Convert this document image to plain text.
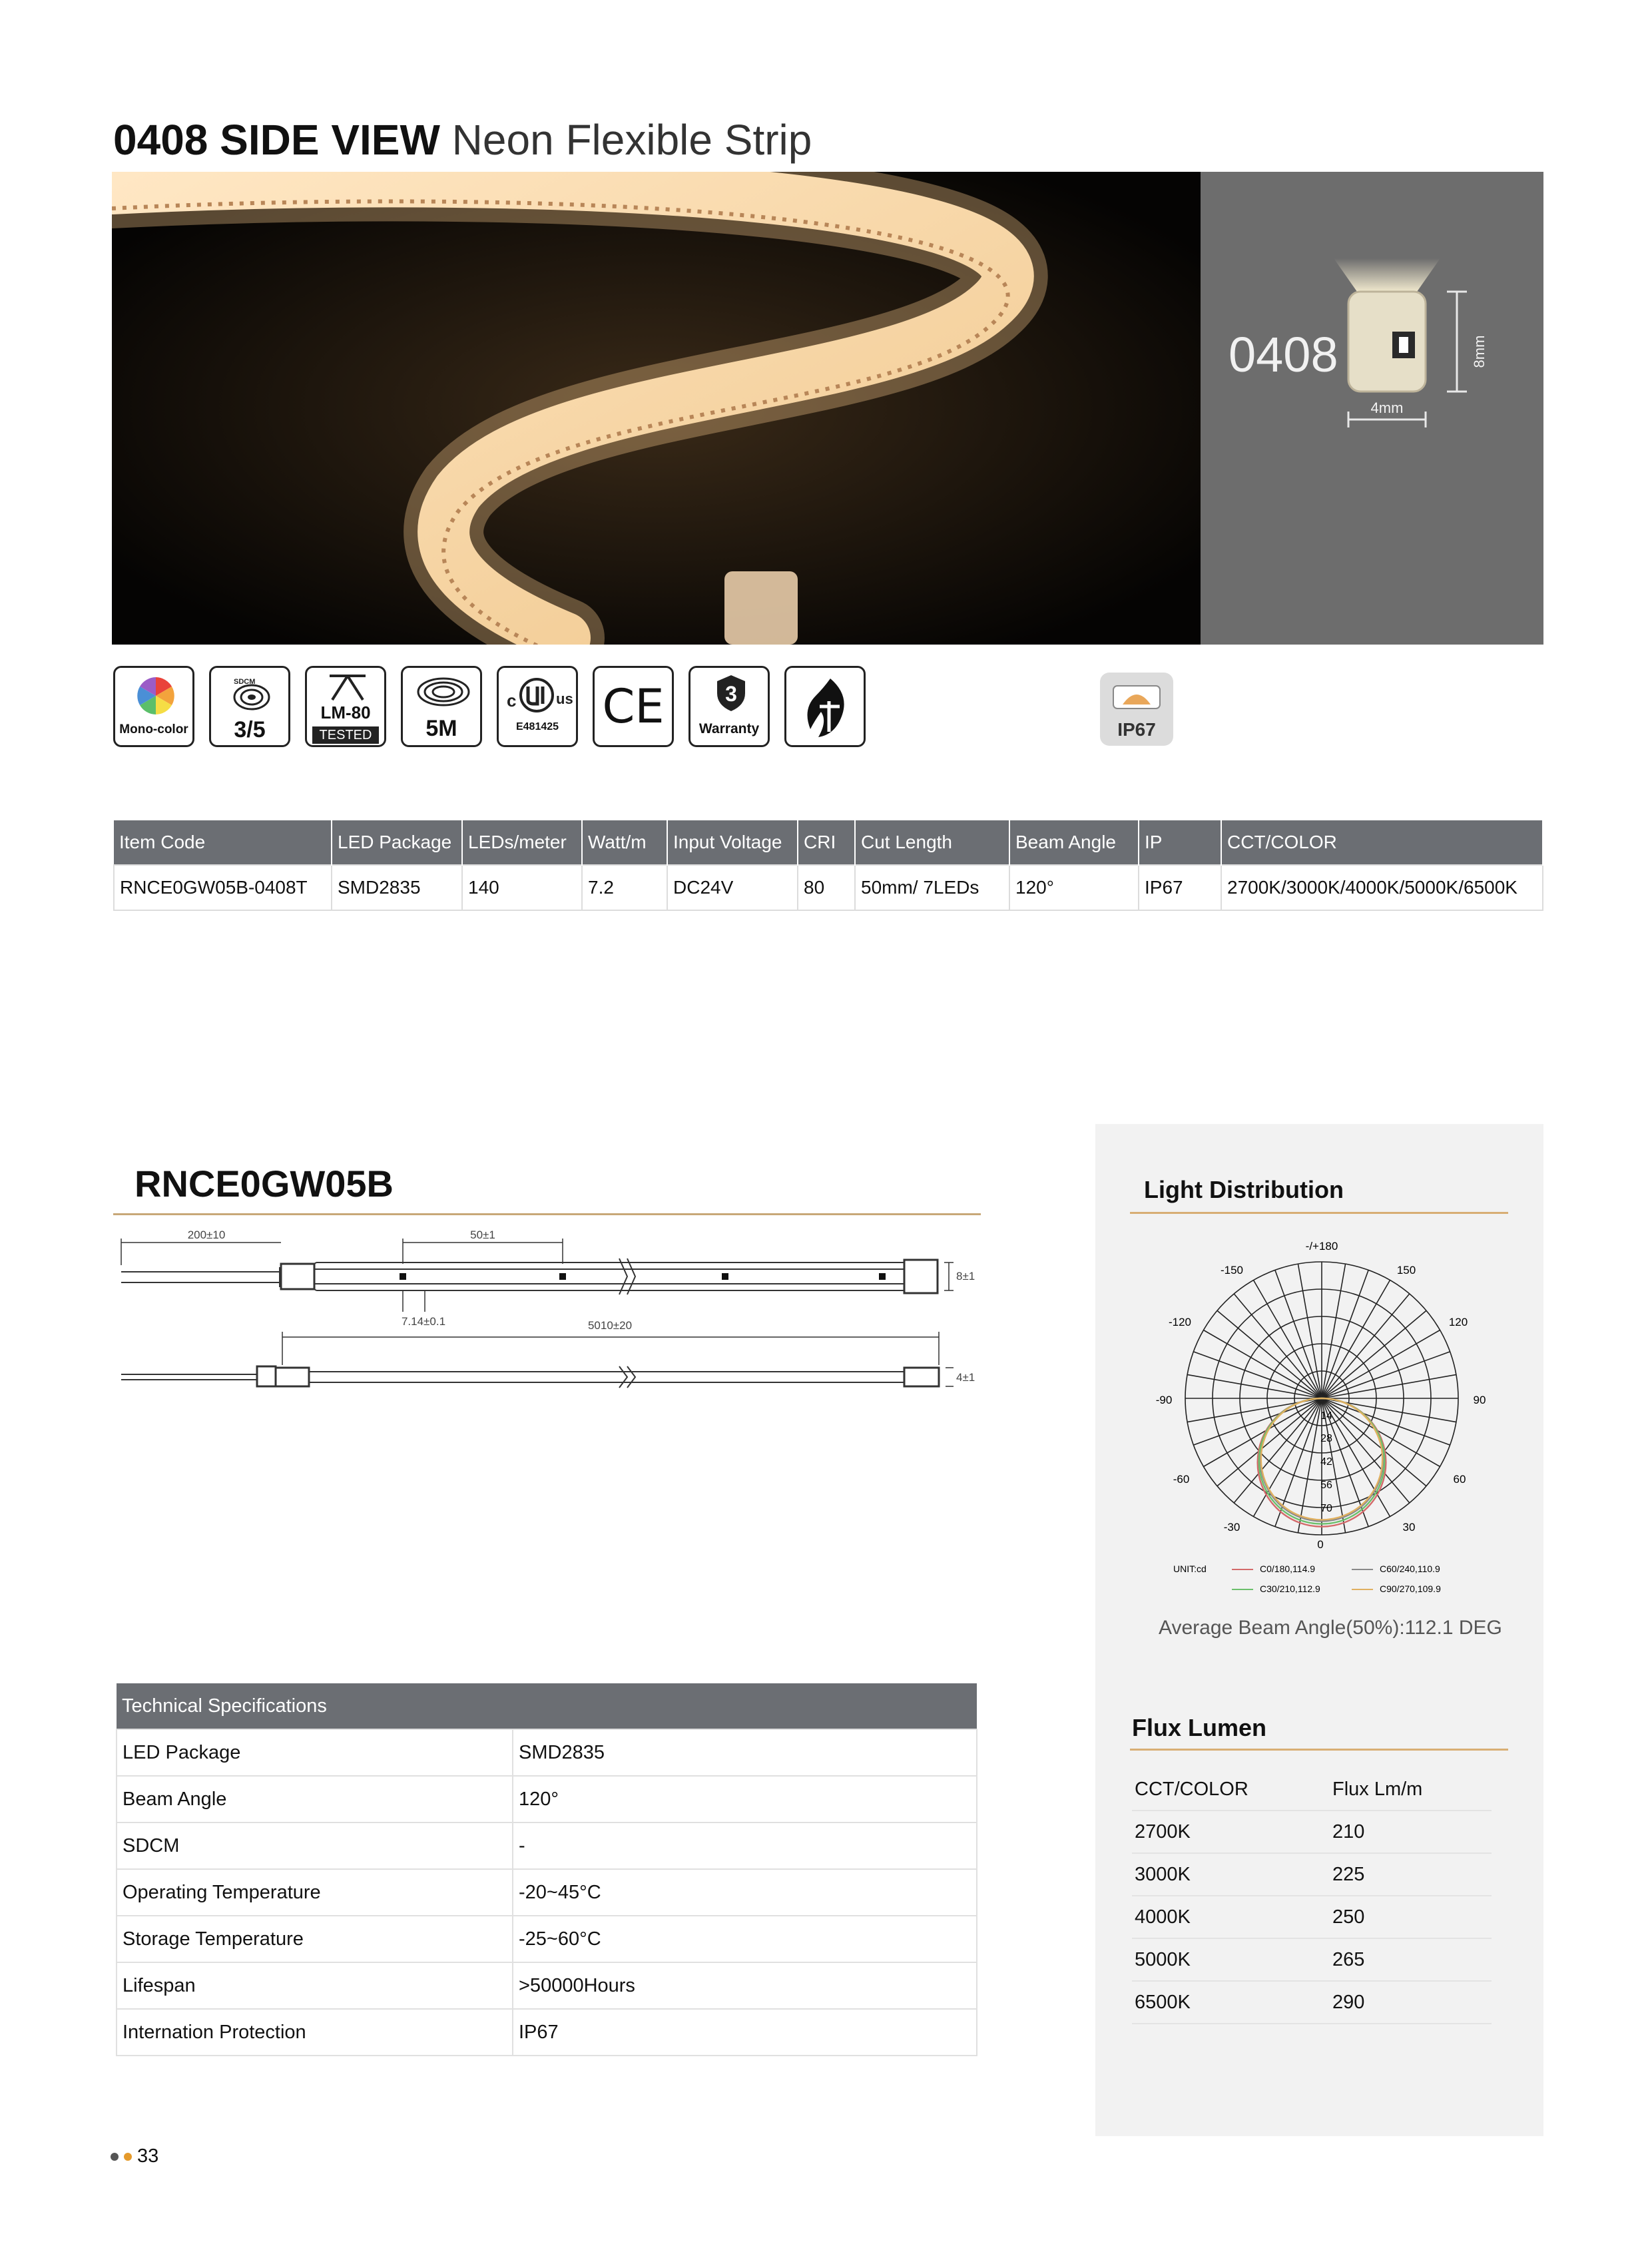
0408 SIDE VIEW Neon Flexible Strip
8mm
4mm
0408
Mono-color
SDCM
3/5
LM-80
TESTED	5M
c	us
E481425 CE	3
Warranty	IP67
Item Code	LED Package	LEDs/meter	Watt/m	Input Voltage	CRI	Cut Length	Beam Angle	IP	CCT/COLOR
RNCE0GW05B-0408T	SMD2835	140	7.2	DC24V	80	50mm/ 7LEDs	120°	IP67	2700K/3000K/4000K/5000K/6500K
RNCE0GW05B
200±10	50±1
7.14±0.1	5010±20
8±1
4±1
Technical Specifications	
LED Package	SMD2835
Beam Angle	120°
SDCM	-
Operating Temperature	-20~45°C
Storage Temperature	-25~60°C
Lifespan	>50000Hours
Internation Protection	IP67
Light Distribution
-/+180
-150	150
-120	120
-90	90
-60	60
-30	30
0
14
28
42
56
70
UNIT:cd	C0/180,114.9	C60/240,110.9
C30/210,112.9	C90/270,109.9
Average Beam Angle(50%):112.1 DEG
Flux Lumen
CCT/COLOR	Flux Lm/m
2700K	210
3000K	225
4000K	250
5000K	265
6500K	290
33
